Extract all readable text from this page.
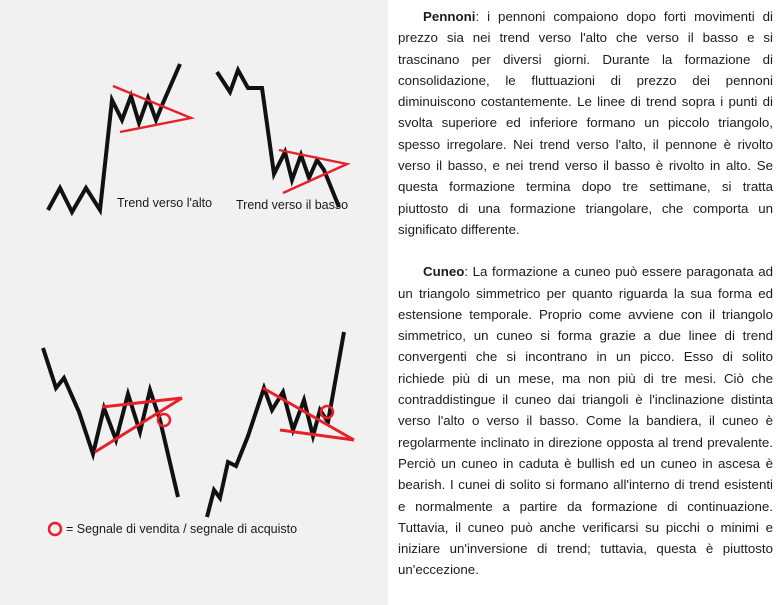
Trend verso l'alto Trend verso il basso
= Segnale di vendita / segnale di acquisto

Pennoni: i pennoni compaiono dopo forti movimenti di prezzo sia nei trend verso l'alto che verso il basso e si trascinano per diversi giorni. Durante la formazione di consolidazione, le fluttuazioni di prezzo dei pennoni diminuiscono costantemente. Le linee di trend sopra i punti di svolta superiore ed inferiore formano un piccolo triangolo, spesso irregolare. Nei trend verso l'alto, il pennone è rivolto verso il basso, e nei trend verso il basso è rivolto in alto. Se questa formazione termina dopo tre settimane, si tratta piuttosto di una formazione triangolare, che comporta un significato differente.

Cuneo: La formazione a cuneo può essere paragonata ad un triangolo simmetrico per quanto riguarda la sua forma ed estensione temporale. Proprio come avviene con il triangolo simmetrico, un cuneo si forma grazie a due linee di trend convergenti che si incontrano in un picco. Esso di solito richiede più di un mese, ma non più di tre mesi. Ciò che contraddistingue il cuneo dai triangoli è l'inclinazione distinta verso l'alto o verso il basso. Come la bandiera, il cuneo è regolarmente inclinato in direzione opposta al trend prevalente. Perciò un cuneo in caduta è bullish ed un cuneo in ascesa è bearish. I cunei di solito si formano all'interno di trend esistenti e normalmente a partire da formazione di continuazione. Tuttavia, il cuneo può anche verificarsi su picchi o minimi e iniziare un'inversione di trend; tuttavia, questa è piuttosto un'eccezione.
